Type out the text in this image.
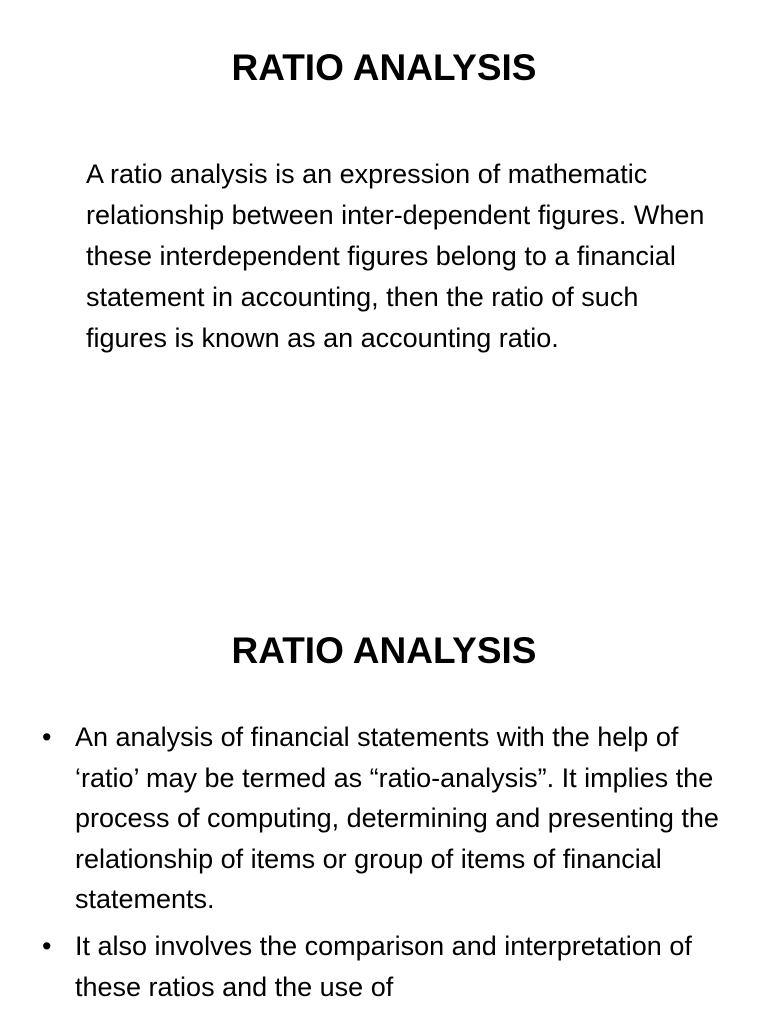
RATIO ANALYSIS

A ratio analysis is an expression of mathematic relationship between inter-dependent figures. When these interdependent figures belong to a financial statement in accounting, then the ratio of such figures is known as an accounting ratio.

RATIO ANALYSIS
• An analysis of financial statements with the help of ‘ratio’ may be termed as “ratio-analysis”. It implies the process of computing, determining and presenting the relationship of items or group of items of financial statements.
• It also involves the comparison and interpretation of these ratios and the use of
